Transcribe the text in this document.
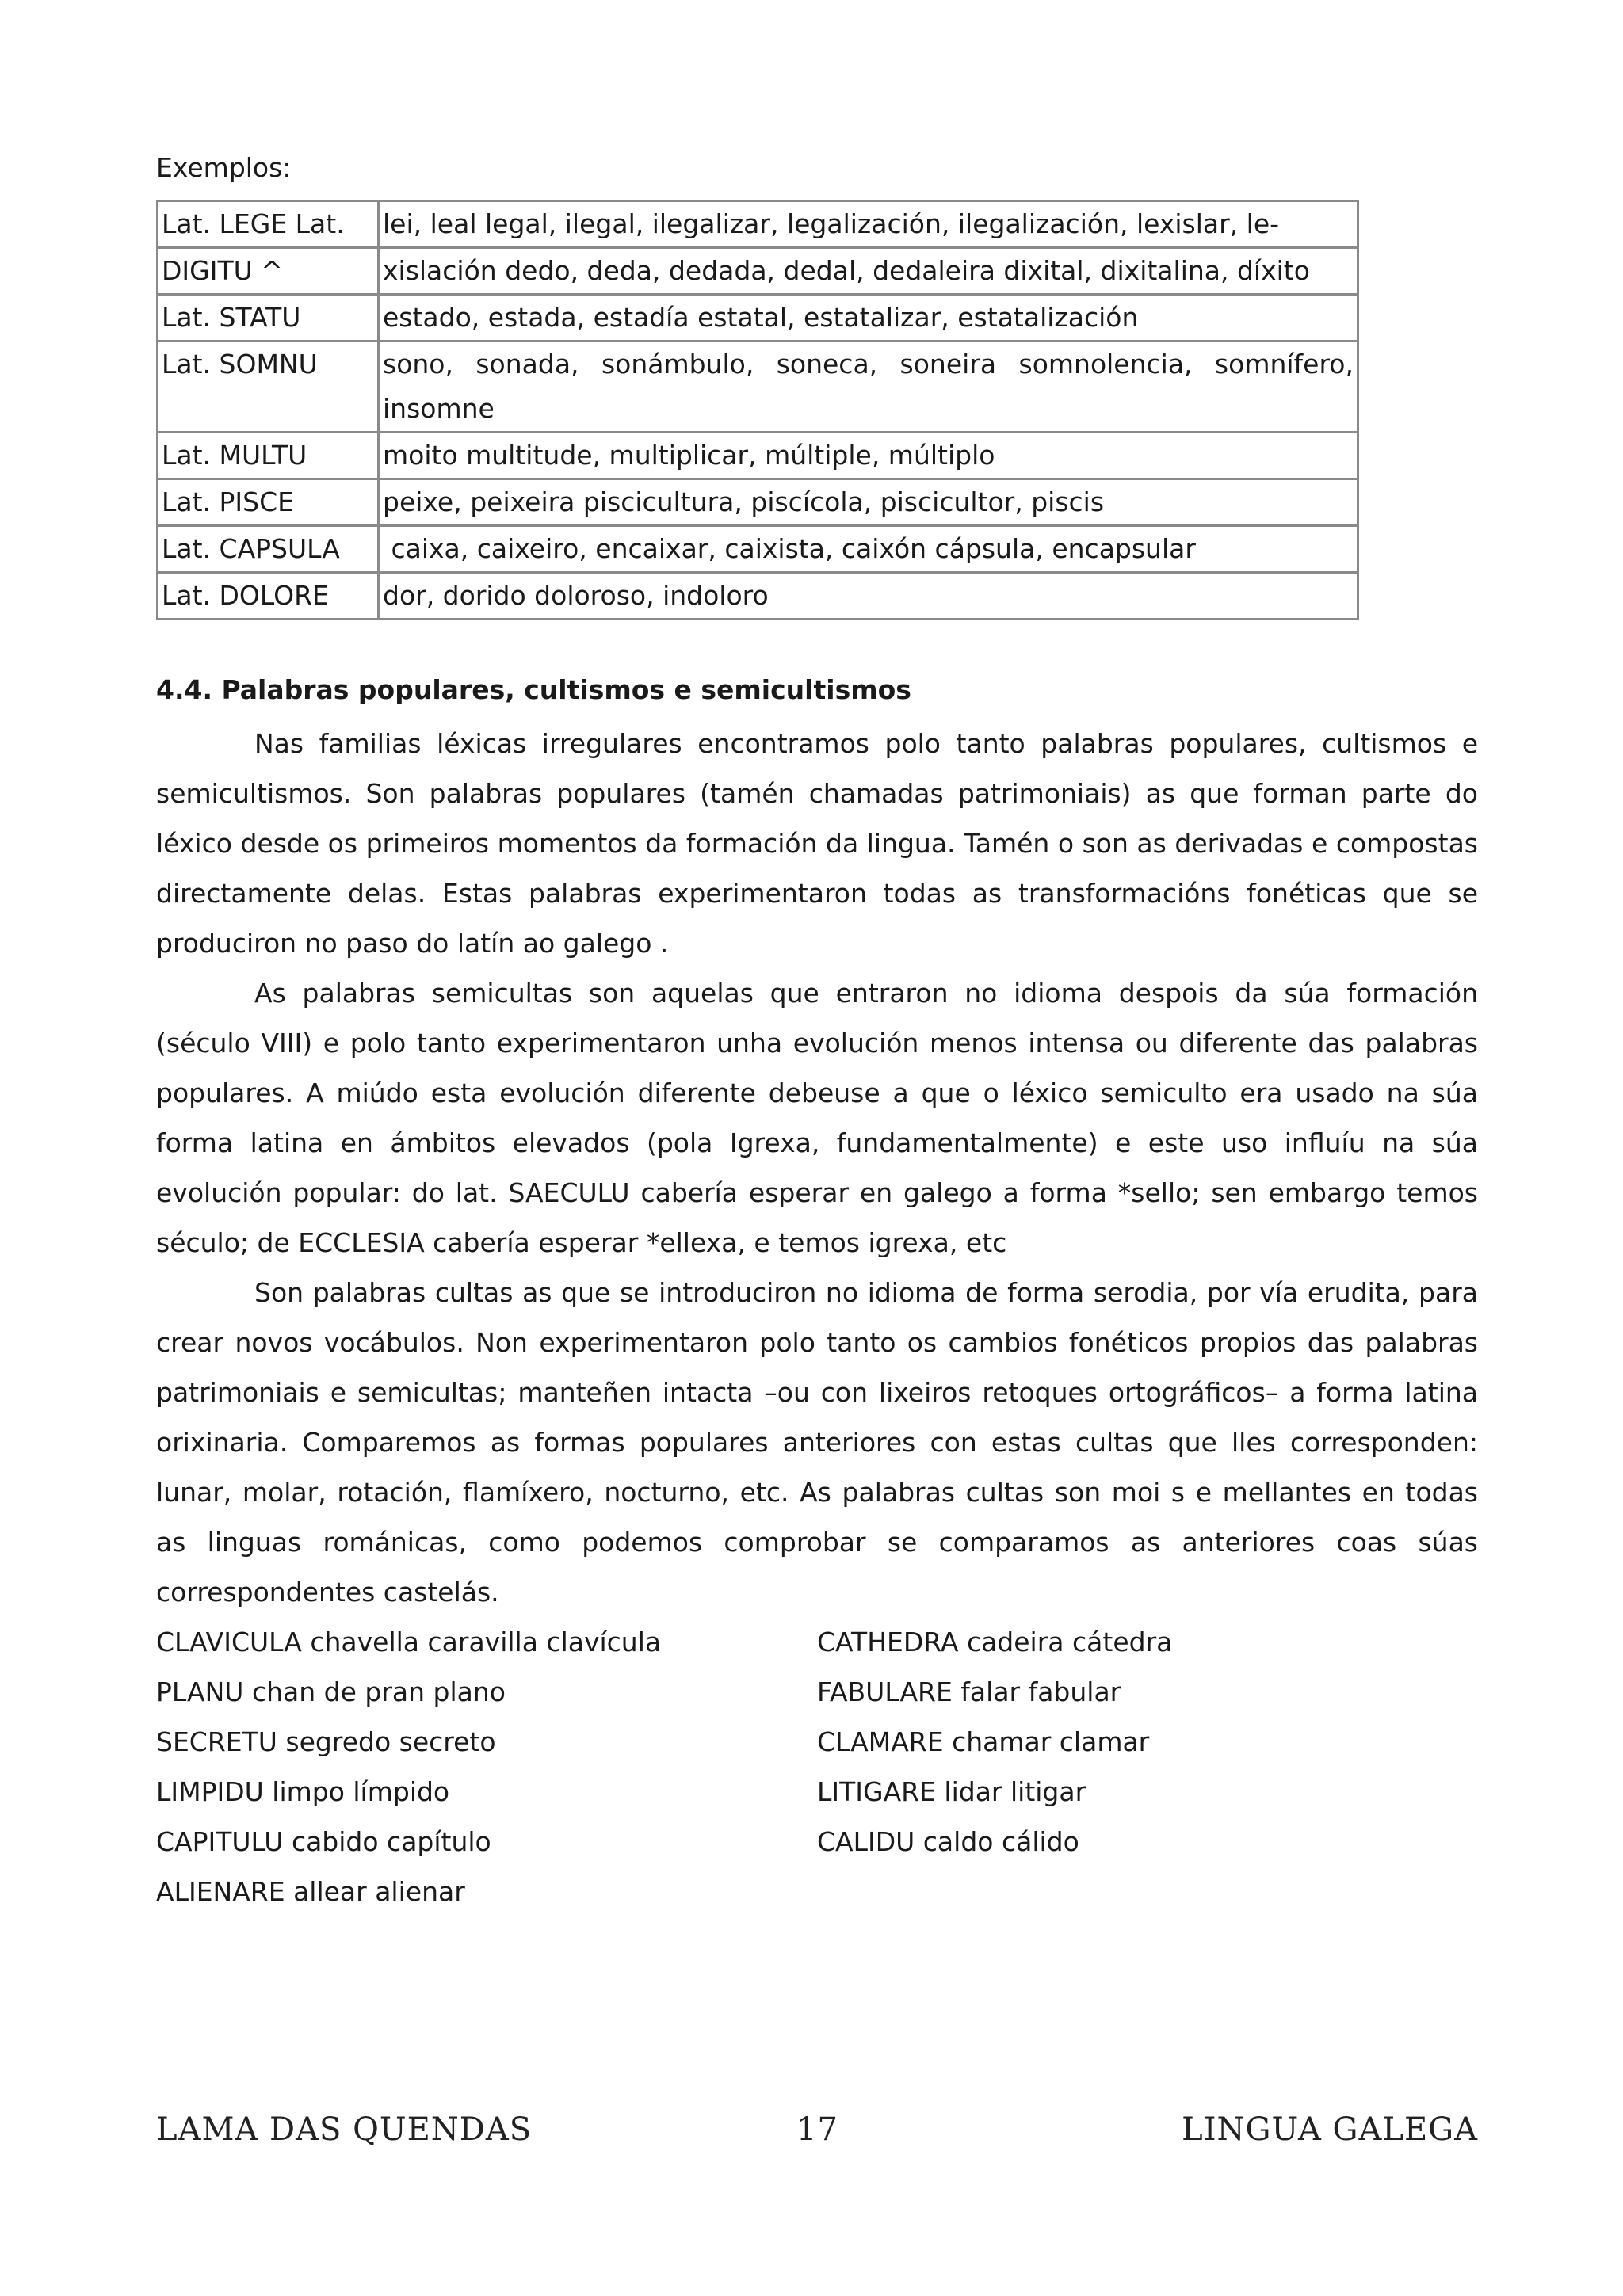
Exemplos:
Lat. LEGE Lat.	lei, leal legal, ilegal, ilegalizar, legalización, ilegalización, lexislar, le-
DIGITU ^	xislación dedo, deda, dedada, dedal, dedaleira dixital, dixitalina, díxito
Lat. STATU	estado, estada, estadía estatal, estatalizar, estatalización
Lat. SOMNU	sono, sonada, sonámbulo, soneca, soneira somnolencia, somnífero, insomne
Lat. MULTU	moito multitude, multiplicar, múltiple, múltiplo
Lat. PISCE	peixe, peixeira piscicultura, piscícola, piscicultor, piscis
Lat. CAPSULA	caixa, caixeiro, encaixar, caixista, caixón cápsula, encapsular
Lat. DOLORE	dor, dorido doloroso, indoloro
4.4. Palabras populares, cultismos e semicultismos

Nas familias léxicas irregulares encontramos polo tanto palabras populares, cultismos e semicultismos. Son palabras populares (tamén chamadas patrimoniais) as que forman parte do léxico desde os primeiros momentos da formación da lingua. Tamén o son as derivadas e compostas directamente delas. Estas palabras experimentaron todas as transformacións fonéticas que se produciron no paso do latín ao galego .

As palabras semicultas son aquelas que entraron no idioma despois da súa formación (século VIII) e polo tanto experimentaron unha evolución menos intensa ou diferente das palabras populares. A miúdo esta evolución diferente debeuse a que o léxico semiculto era usado na súa forma latina en ámbitos elevados (pola Igrexa, fundamentalmente) e este uso influíu na súa evolución popular: do lat. SAECULU cabería esperar en galego a forma *sello; sen embargo temos século; de ECCLESIA cabería esperar *ellexa, e temos igrexa, etc

Son palabras cultas as que se introduciron no idioma de forma serodia, por vía erudita, para crear novos vocábulos. Non experimentaron polo tanto os cambios fonéticos propios das palabras patrimoniais e semicultas; manteñen intacta –ou con lixeiros retoques ortográficos– a forma latina orixinaria. Comparemos as formas populares anteriores con estas cultas que lles corresponden: lunar, molar, rotación, flamíxero, nocturno, etc. As palabras cultas son moi s e mellantes en todas as linguas románicas, como podemos comprobar se comparamos as anteriores coas súas correspondentes castelás.

CLAVICULA chavella caravilla clavícula	CATHEDRA cadeira cátedra
PLANU chan de pran plano	FABULARE falar fabular
SECRETU segredo secreto	CLAMARE chamar clamar
LIMPIDU limpo límpido	LITIGARE lidar litigar
CAPITULU cabido capítulo	CALIDU caldo cálido
ALIENARE allear alienar
LAMA DAS QUENDAS	17	LINGUA GALEGA
